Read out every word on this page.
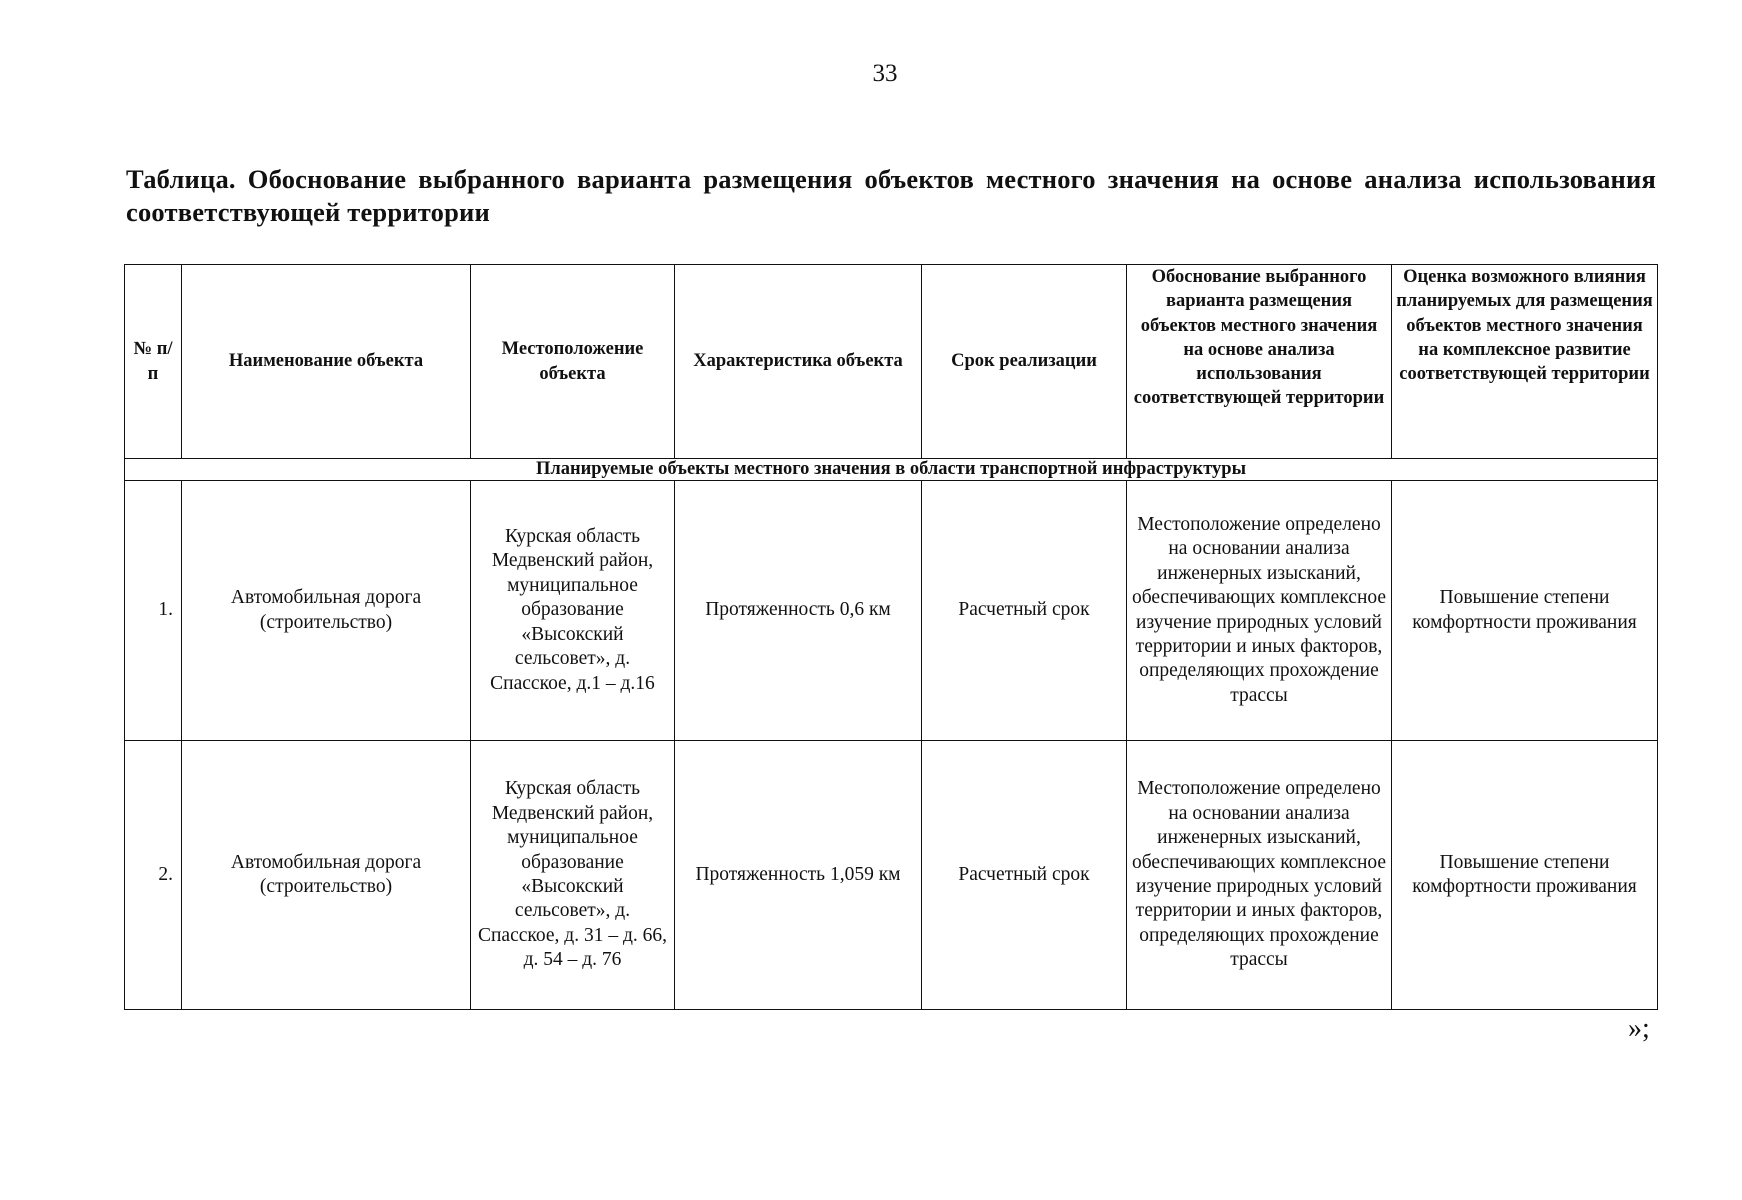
33
Таблица. Обоснование выбранного варианта размещения объектов местного значения на основе анализа использования соответствующей территории
№ п/п	Наименование объекта	Местоположение объекта	Характеристика объекта	Срок реализации	Обоснование выбранного варианта размещения объектов местного значения на основе анализа использования соответствующей территории	Оценка возможного влияния планируемых для размещения объектов местного значения на комплексное развитие соответствующей территории
Планируемые объекты местного значения в области транспортной инфраструктуры						
1.	Автомобильная дорога (строительство)	Курская область Медвенский район, муниципальное образование «Высокский сельсовет», д. Спасское, д.1 – д.16	Протяженность 0,6 км	Расчетный срок	Местоположение определено на основании анализа инженерных изысканий, обеспечивающих комплексное изучение природных условий территории и иных факторов, определяющих прохождение трассы	Повышение степени комфортности проживания
2.	Автомобильная дорога (строительство)	Курская область Медвенский район, муниципальное образование «Высокский сельсовет», д. Спасское, д. 31 – д. 66, д. 54 – д. 76	Протяженность 1,059 км	Расчетный срок	Местоположение определено на основании анализа инженерных изысканий, обеспечивающих комплексное изучение природных условий территории и иных факторов, определяющих прохождение трассы	Повышение степени комфортности проживания
»;
